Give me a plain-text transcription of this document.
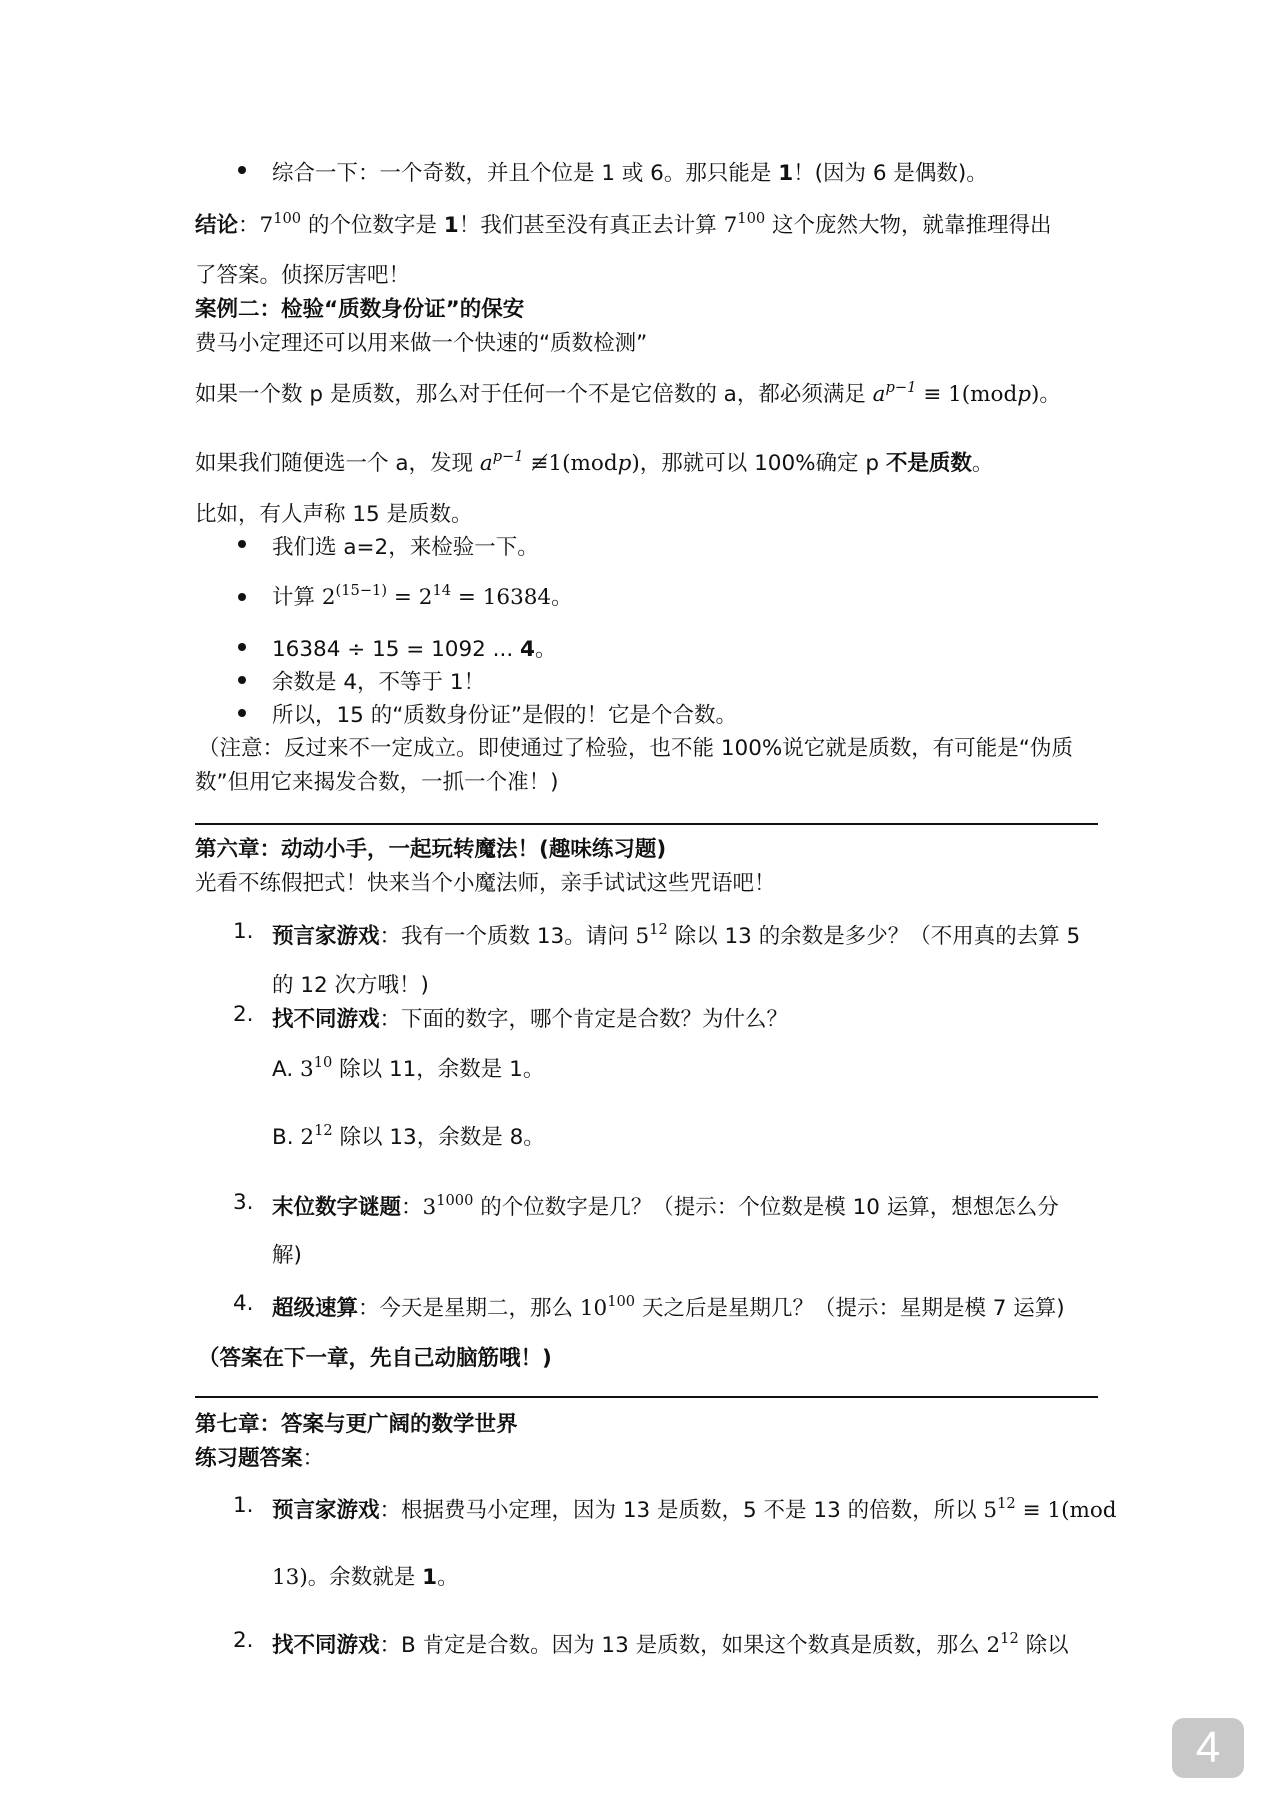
综合一下：一个奇数，并且个位是 1 或 6。那只能是 1！(因为 6 是偶数)。
结论：$7^{100}$ 的个位数字是 1！我们甚至没有真正去计算 $7^{100}$ 这个庞然大物，就靠推理得出
了答案。侦探厉害吧！
案例二：检验“质数身份证”的保安
费马小定理还可以用来做一个快速的“质数检测”
如果一个数 p 是质数，那么对于任何一个不是它倍数的 a，都必须满足 $a^{p-1}$ ≡ 1(modp)。
如果我们随便选一个 a，发现 $a^{p-1}$ ≢1(modp)，那就可以 100%确定 p 不是质数。
比如，有人声称 15 是质数。
我们选 a=2，来检验一下。
计算 $2^{(15-1)} = 2^{14} = 16384$。
16384 ÷ 15 = 1092 ... 4。
余数是 4，不等于 1！
所以，15 的“质数身份证”是假的！它是个合数。
（注意：反过来不一定成立。即使通过了检验，也不能 100%说它就是质数，有可能是“伪质
数”但用它来揭发合数，一抓一个准！)
第六章：动动小手，一起玩转魔法！(趣味练习题)
光看不练假把式！快来当个小魔法师，亲手试试这些咒语吧！
1. 预言家游戏：我有一个质数 13。请问 $5^{12}$ 除以 13 的余数是多少？（不用真的去算 5
的 12 次方哦！)
2. 找不同游戏：下面的数字，哪个肯定是合数？为什么？
A. $3^{10}$ 除以 11，余数是 1。
B. $2^{12}$ 除以 13，余数是 8。
3. 末位数字谜题：$3^{1000}$ 的个位数字是几？（提示：个位数是模 10 运算，想想怎么分
解)
4. 超级速算：今天是星期二，那么 $10^{100}$ 天之后是星期几？（提示：星期是模 7 运算)
（答案在下一章，先自己动脑筋哦！)
第七章：答案与更广阔的数学世界
练习题答案：
1. 预言家游戏：根据费马小定理，因为 13 是质数，5 不是 13 的倍数，所以 $5^{12} \equiv 1(mod$
13)。余数就是 1。
2. 找不同游戏：B 肯定是合数。因为 13 是质数，如果这个数真是质数，那么 $2^{12}$ 除以
4
